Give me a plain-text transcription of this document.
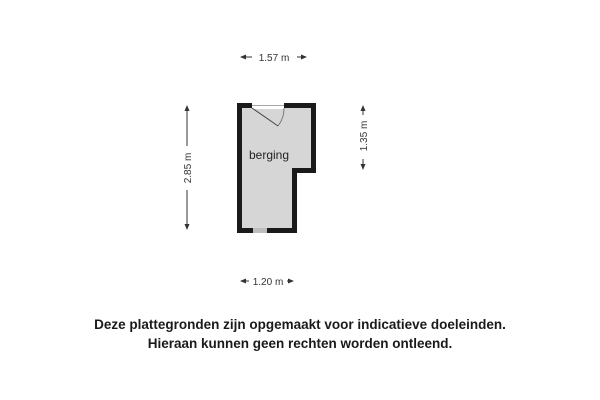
1.57 m
2.85 m
1.35 m
1.20 m
berging
Deze plattegronden zijn opgemaakt voor indicatieve doeleinden.
Hieraan kunnen geen rechten worden ontleend.
